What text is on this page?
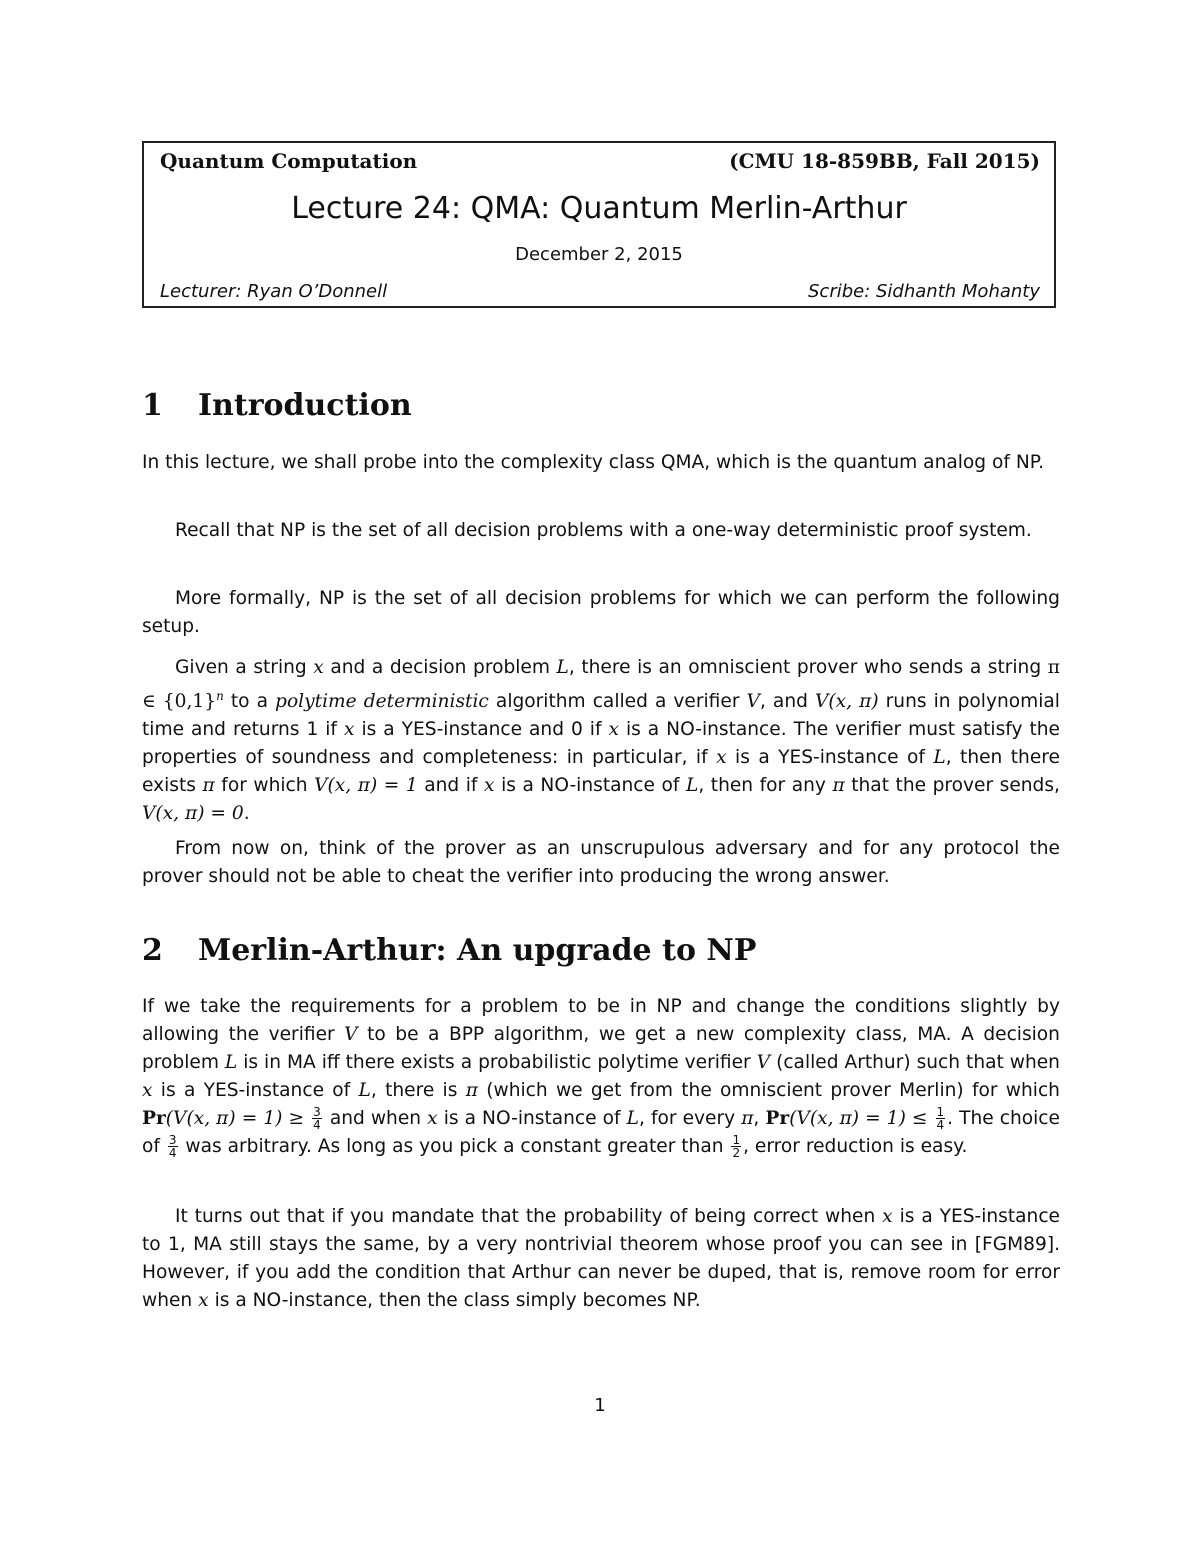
Quantum Computation	(CMU 18-859BB, Fall 2015)
Lecture 24: QMA: Quantum Merlin-Arthur
December 2, 2015
Lecturer: Ryan O’Donnell	Scribe: Sidhanth Mohanty
1	Introduction
In this lecture, we shall probe into the complexity class QMA, which is the quantum analog of NP.
Recall that NP is the set of all decision problems with a one-way deterministic proof system.
More formally, NP is the set of all decision problems for which we can perform the following setup.
Given a string x and a decision problem L, there is an omniscient prover who sends a string π ∈ $\{0,1\}^n$ to a polytime deterministic algorithm called a verifier V, and V(x, π) runs in polynomial time and returns 1 if x is a YES-instance and 0 if x is a NO-instance. The verifier must satisfy the properties of soundness and completeness: in particular, if x is a YES-instance of L, then there exists π for which V(x, π) = 1 and if x is a NO-instance of L, then for any π that the prover sends, V(x, π) = 0.
From now on, think of the prover as an unscrupulous adversary and for any protocol the prover should not be able to cheat the verifier into producing the wrong answer.
2	Merlin-Arthur: An upgrade to NP
If we take the requirements for a problem to be in NP and change the conditions slightly by allowing the verifier V to be a BPP algorithm, we get a new complexity class, MA. A decision problem L is in MA iff there exists a probabilistic polytime verifier V (called Arthur) such that when x is a YES-instance of L, there is π (which we get from the omniscient prover Merlin) for which Pr(V(x, $\pi) = 1) \ge \frac{3}{4}$ and when x is a NO-instance of L, for every π, Pr(V(x, $\pi) = 1) \le \frac{1}{4}$ . The choice of $\frac{3}{4}$ was arbitrary. As long as you pick a constant greater than $\frac{1}{2}$ , error reduction is easy.
It turns out that if you mandate that the probability of being correct when x is a YES-instance to 1, MA still stays the same, by a very nontrivial theorem whose proof you can see in [FGM89]. However, if you add the condition that Arthur can never be duped, that is, remove room for error when x is a NO-instance, then the class simply becomes NP.
1
